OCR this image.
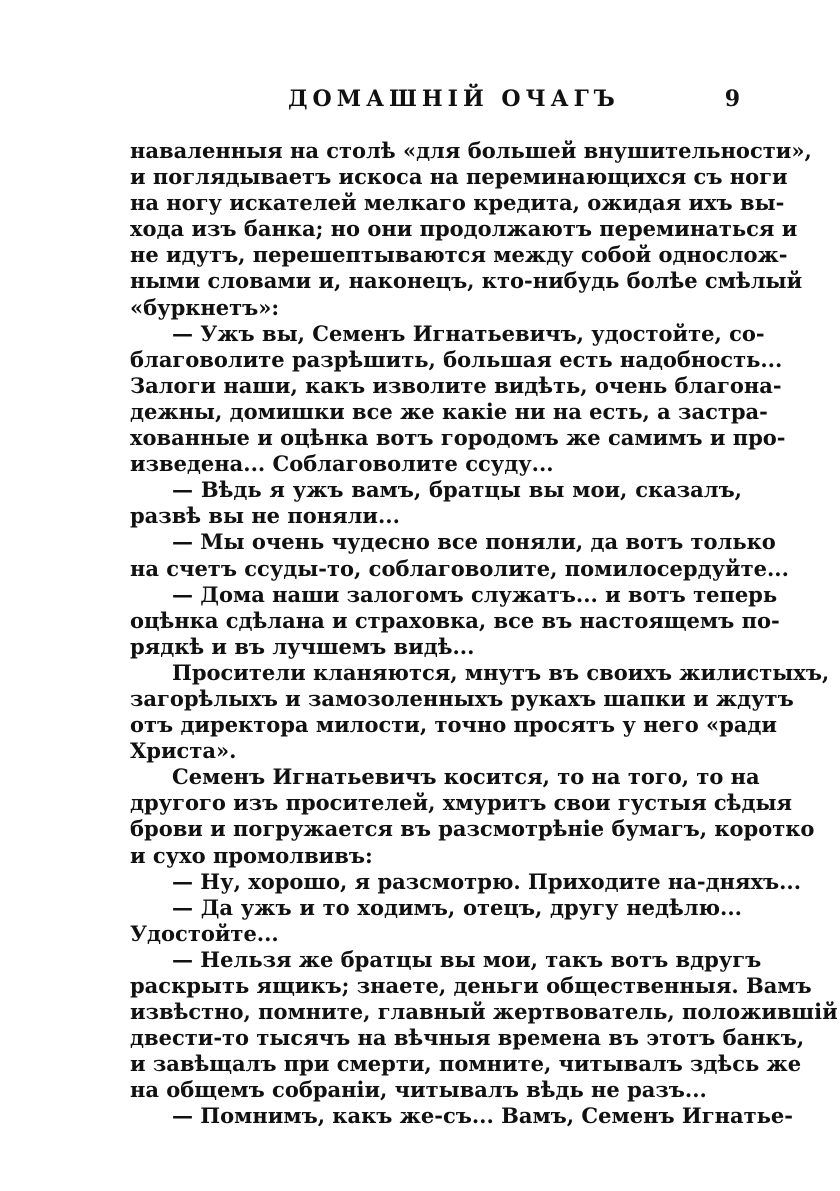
ДОМАШНІЙ ОЧАГЪ	9
наваленныя на столѣ «для большей внушительности»,
и поглядываетъ искоса на переминающихся съ ноги
на ногу искателей мелкаго кредита, ожидая ихъ вы-
хода изъ банка; но они продолжаютъ переминаться и
не идутъ, перешептываются между собой однослож-
ными словами и, наконецъ, кто-нибудь болѣе смѣлый
«буркнетъ»:
— Ужъ вы, Семенъ Игнатьевичъ, удостойте, со-
благоволите разрѣшить, большая есть надобность...
Залоги наши, какъ изволите видѣть, очень благона-
дежны, домишки все же какіе ни на есть, а застра-
хованные и оцѣнка вотъ городомъ же самимъ и про-
изведена... Соблаговолите ссуду...
— Вѣдь я ужъ вамъ, братцы вы мои, сказалъ,
развѣ вы не поняли...
— Мы очень чудесно все поняли, да вотъ только
на счетъ ссуды-то, соблаговолите, помилосердуйте...
— Дома наши залогомъ служатъ... и вотъ теперь
оцѣнка сдѣлана и страховка, все въ настоящемъ по-
рядкѣ и въ лучшемъ видѣ...
Просители кланяются, мнутъ въ своихъ жилистыхъ,
загорѣлыхъ и замозоленныхъ рукахъ шапки и ждутъ
отъ директора милости, точно просятъ у него «ради
Христа».
Семенъ Игнатьевичъ косится, то на того, то на
другого изъ просителей, хмуритъ свои густыя сѣдыя
брови и погружается въ разсмотрѣніе бумагъ, коротко
и сухо промолвивъ:
— Ну, хорошо, я разсмотрю. Приходите на-дняхъ...
— Да ужъ и то ходимъ, отецъ, другу недѣлю...
Удостойте...
— Нельзя же братцы вы мои, такъ вотъ вдругъ
раскрыть ящикъ; знаете, деньги общественныя. Вамъ
извѣстно, помните, главный жертвователь, положившій
двести-то тысячъ на вѣчныя времена въ этотъ банкъ,
и завѣщалъ при смерти, помните, читывалъ здѣсь же
на общемъ собраніи, читывалъ вѣдь не разъ...
— Помнимъ, какъ же-съ... Вамъ, Семенъ Игнатье-
